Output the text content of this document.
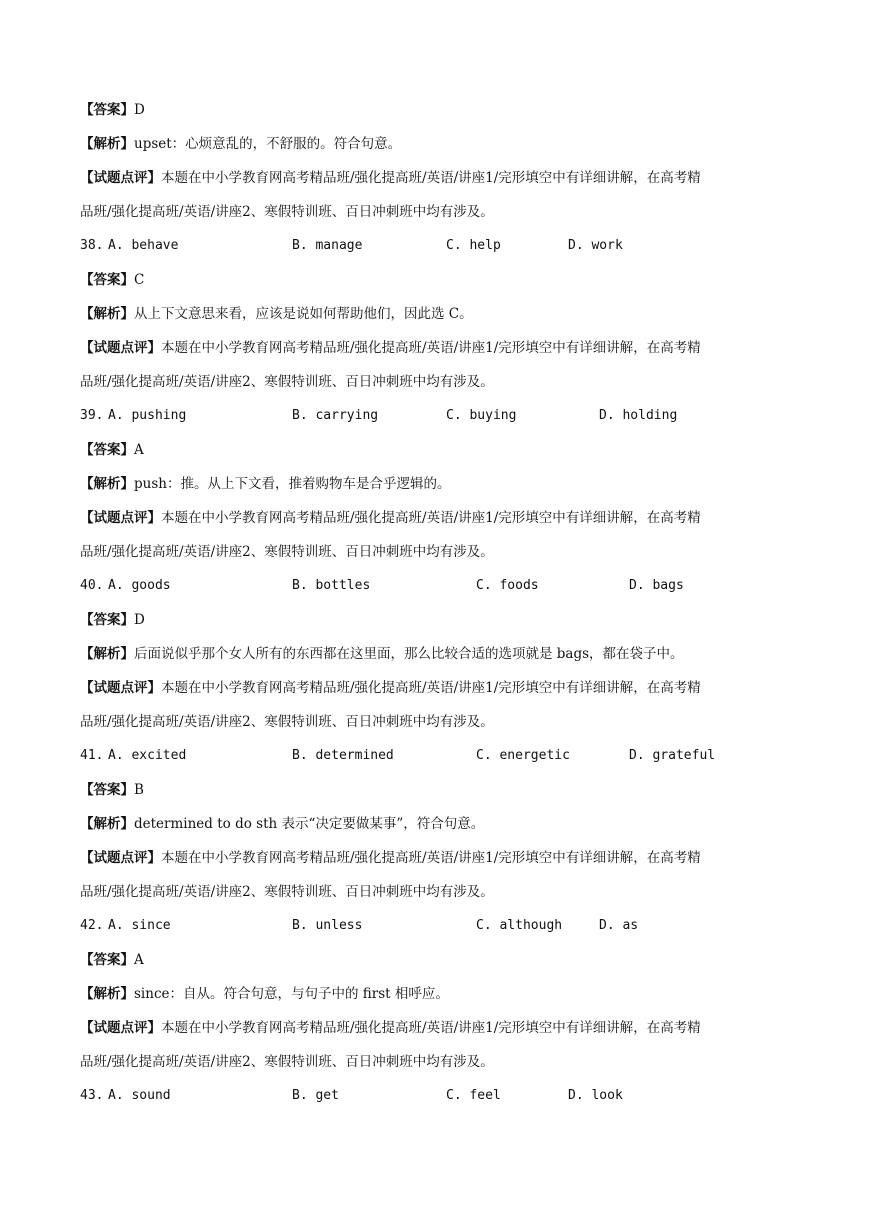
【答案】D
【解析】upset：心烦意乱的，不舒服的。符合句意。
【试题点评】本题在中小学教育网高考精品班/强化提高班/英语/讲座1/完形填空中有详细讲解，在高考精
品班/强化提高班/英语/讲座2、寒假特训班、百日冲刺班中均有涉及。
38. A. behave	B. manage	C. help	D. work
【答案】C
【解析】从上下文意思来看，应该是说如何帮助他们，因此选 C。
【试题点评】本题在中小学教育网高考精品班/强化提高班/英语/讲座1/完形填空中有详细讲解，在高考精
品班/强化提高班/英语/讲座2、寒假特训班、百日冲刺班中均有涉及。
39. A. pushing	B. carrying	C. buying	D. holding
【答案】A
【解析】push：推。从上下文看，推着购物车是合乎逻辑的。
【试题点评】本题在中小学教育网高考精品班/强化提高班/英语/讲座1/完形填空中有详细讲解，在高考精
品班/强化提高班/英语/讲座2、寒假特训班、百日冲刺班中均有涉及。
40. A. goods	B. bottles	C. foods	D. bags
【答案】D
【解析】后面说似乎那个女人所有的东西都在这里面，那么比较合适的选项就是 bags，都在袋子中。
【试题点评】本题在中小学教育网高考精品班/强化提高班/英语/讲座1/完形填空中有详细讲解，在高考精
品班/强化提高班/英语/讲座2、寒假特训班、百日冲刺班中均有涉及。
41. A. excited	B. determined	C. energetic	D. grateful
【答案】B
【解析】determined to do sth 表示“决定要做某事”，符合句意。
【试题点评】本题在中小学教育网高考精品班/强化提高班/英语/讲座1/完形填空中有详细讲解，在高考精
品班/强化提高班/英语/讲座2、寒假特训班、百日冲刺班中均有涉及。
42. A. since	B. unless	C. although	D. as
【答案】A
【解析】since：自从。符合句意，与句子中的 first 相呼应。
【试题点评】本题在中小学教育网高考精品班/强化提高班/英语/讲座1/完形填空中有详细讲解，在高考精
品班/强化提高班/英语/讲座2、寒假特训班、百日冲刺班中均有涉及。
43. A. sound	B. get	C. feel	D. look
